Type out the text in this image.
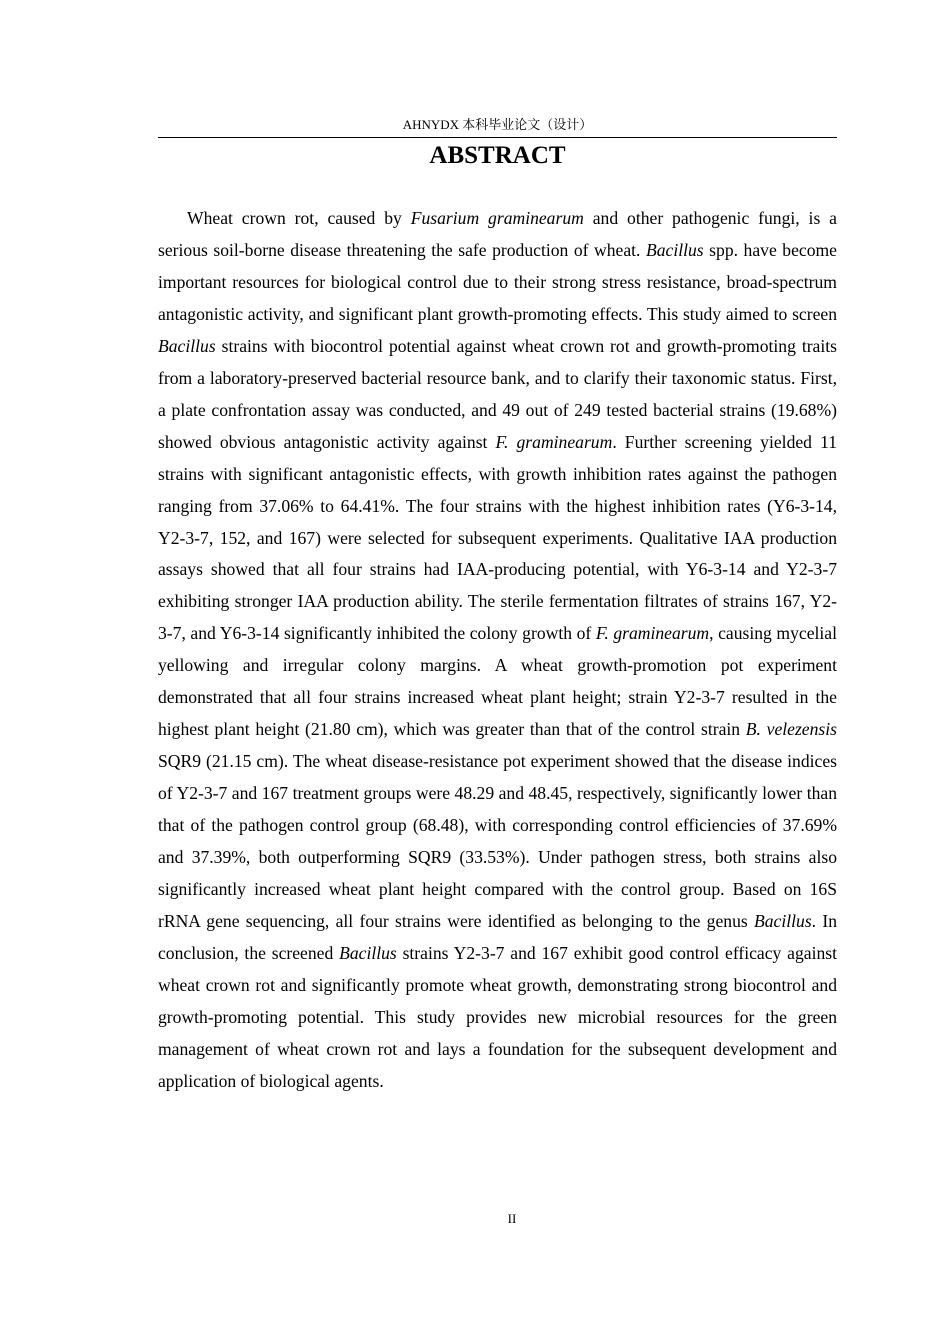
AHNYDX 本科毕业论文（设计）
ABSTRACT

Wheat crown rot, caused by Fusarium graminearum and other pathogenic fungi, is a serious soil-borne disease threatening the safe production of wheat. Bacillus spp. have become important resources for biological control due to their strong stress resistance, broad-spectrum antagonistic activity, and significant plant growth-promoting effects. This study aimed to screen Bacillus strains with biocontrol potential against wheat crown rot and growth-promoting traits from a laboratory-preserved bacterial resource bank, and to clarify their taxonomic status. First, a plate confrontation assay was conducted, and 49 out of 249 tested bacterial strains (19.68%) showed obvious antagonistic activity against F. graminearum. Further screening yielded 11 strains with significant antagonistic effects, with growth inhibition rates against the pathogen ranging from 37.06% to 64.41%. The four strains with the highest inhibition rates (Y6-3-14, Y2-3-7, 152, and 167) were selected for subsequent experiments. Qualitative IAA production assays showed that all four strains had IAA-producing potential, with Y6-3-14 and Y2-3-7 exhibiting stronger IAA production ability. The sterile fermentation filtrates of strains 167, Y2-3-7, and Y6-3-14 significantly inhibited the colony growth of F. graminearum, causing mycelial yellowing and irregular colony margins. A wheat growth-promotion pot experiment demonstrated that all four strains increased wheat plant height; strain Y2-3-7 resulted in the highest plant height (21.80 cm), which was greater than that of the control strain B. velezensis SQR9 (21.15 cm). The wheat disease-resistance pot experiment showed that the disease indices of Y2-3-7 and 167 treatment groups were 48.29 and 48.45, respectively, significantly lower than that of the pathogen control group (68.48), with corresponding control efficiencies of 37.69% and 37.39%, both outperforming SQR9 (33.53%). Under pathogen stress, both strains also significantly increased wheat plant height compared with the control group. Based on 16S rRNA gene sequencing, all four strains were identified as belonging to the genus Bacillus. In conclusion, the screened Bacillus strains Y2-3-7 and 167 exhibit good control efficacy against wheat crown rot and significantly promote wheat growth, demonstrating strong biocontrol and growth-promoting potential. This study provides new microbial resources for the green management of wheat crown rot and lays a foundation for the subsequent development and application of biological agents.

II
